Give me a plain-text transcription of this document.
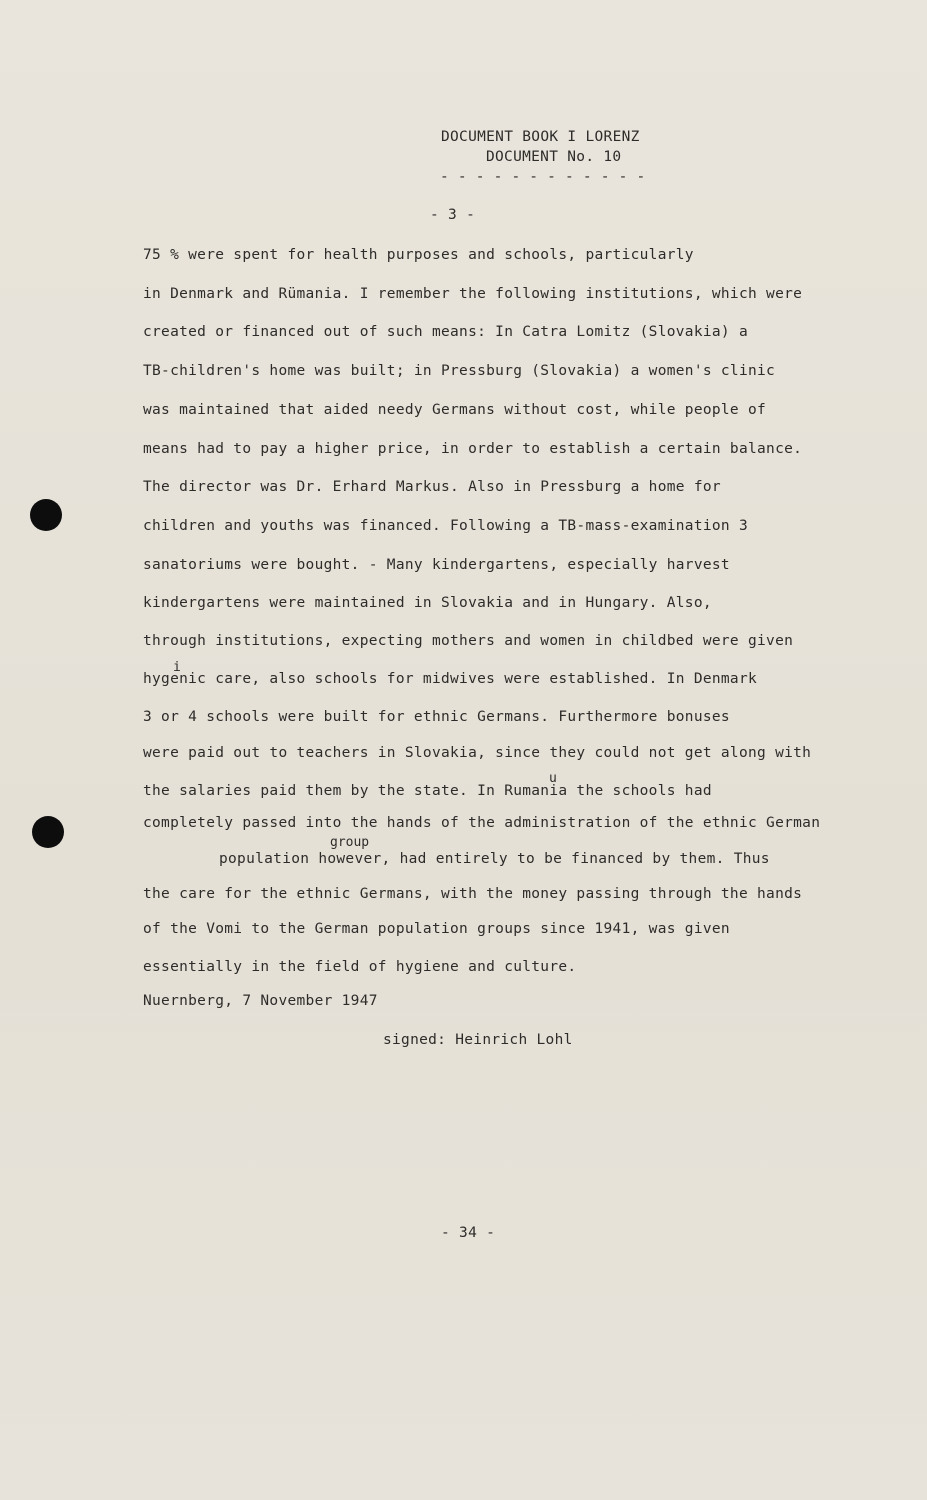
DOCUMENT BOOK I LORENZ
DOCUMENT No. 10
- - - - - - - - - - - -
- 3 -
75 % were spent for health purposes and schools, particularly
in Denmark and Rümania. I remember the following institutions, which were
created or financed out of such means: In Catra Lomitz (Slovakia) a
TB-children's home was built; in Pressburg (Slovakia) a women's clinic
was maintained that aided needy Germans without cost, while people of
means had to pay a higher price, in order to establish a certain balance.
The director was Dr. Erhard Markus. Also in Pressburg a home for
children and youths was financed. Following a TB-mass-examination 3
sanatoriums were bought. - Many kindergartens, especially harvest
kindergartens were maintained in Slovakia and in Hungary. Also,
through institutions, expecting mothers and women in childbed were given
i
hygenic care, also schools for midwives were established. In Denmark
3 or 4 schools were built for ethnic Germans. Furthermore bonuses
were paid out to teachers in Slovakia, since they could not get along with
u
the salaries paid them by the state. In Rumania the schools had
completely passed into the hands of the administration of the ethnic German
group
population however, had entirely to be financed by them. Thus
the care for the ethnic Germans, with the money passing through the hands
of the Vomi to the German population groups since 1941, was given
essentially in the field of hygiene and culture.
Nuernberg, 7 November 1947
signed: Heinrich Lohl
- 34 -
